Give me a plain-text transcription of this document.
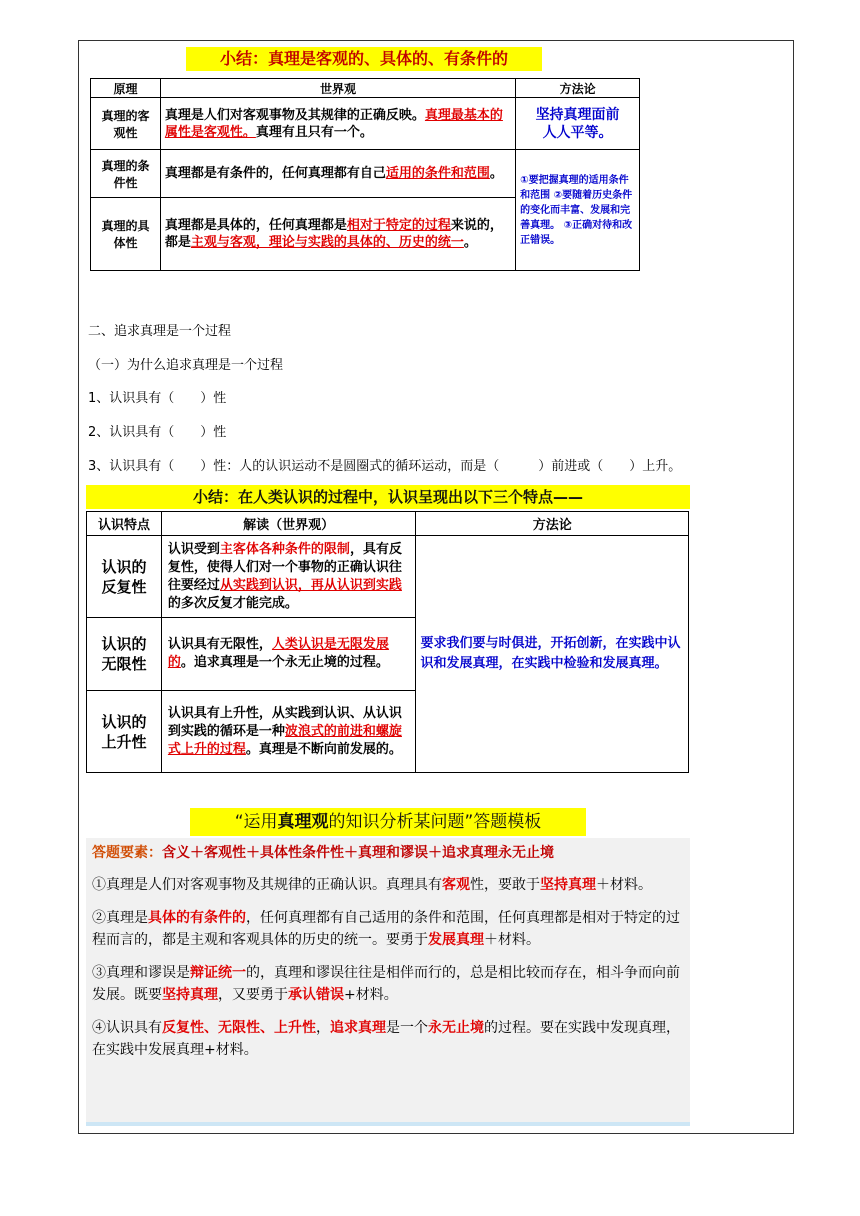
小结：真理是客观的、具体的、有条件的
原理	世界观	方法论
真理的客观性	真理是人们对客观事物及其规律的正确反映。真理最基本的属性是客观性。真理有且只有一个。	坚持真理面前人人平等。
真理的条件性	真理都是有条件的，任何真理都有自己适用的条件和范围。	①要把握真理的适用条件和范围 ②要随着历史条件的变化而丰富、发展和完善真理。 ③正确对待和改正错误。
真理的具体性	真理都是具体的，任何真理都是相对于特定的过程来说的，都是主观与客观，理论与实践的具体的、历史的统一。	
二、追求真理是一个过程
（一）为什么追求真理是一个过程
1、认识具有（　　）性
2、认识具有（　　）性
3、认识具有（　　）性：人的认识运动不是圆圈式的循环运动，而是（　　　）前进或（　　）上升。
小结：在人类认识的过程中，认识呈现出以下三个特点——
认识特点	解读（世界观）	方法论
认识的反复性	认识受到主客体各种条件的限制，具有反复性，使得人们对一个事物的正确认识往往要经过从实践到认识，再从认识到实践的多次反复才能完成。	要求我们要与时俱进，开拓创新，在实践中认识和发展真理，在实践中检验和发展真理。
认识的无限性	认识具有无限性，人类认识是无限发展的。追求真理是一个永无止境的过程。	
认识的上升性	认识具有上升性，从实践到认识、从认识到实践的循环是一种波浪式的前进和螺旋式上升的过程。真理是不断向前发展的。	
“运用真理观的知识分析某问题”答题模板

答题要素：含义＋客观性＋具体性条件性＋真理和谬误＋追求真理永无止境

①真理是人们对客观事物及其规律的正确认识。真理具有客观性，要敢于坚持真理＋材料。

②真理是具体的有条件的，任何真理都有自己适用的条件和范围，任何真理都是相对于特定的过程而言的，都是主观和客观具体的历史的统一。要勇于发展真理＋材料。

③真理和谬误是辩证统一的，真理和谬误往往是相伴而行的，总是相比较而存在，相斗争而向前发展。既要坚持真理，又要勇于承认错误+材料。

④认识具有反复性、无限性、上升性，追求真理是一个永无止境的过程。要在实践中发现真理，在实践中发展真理+材料。
